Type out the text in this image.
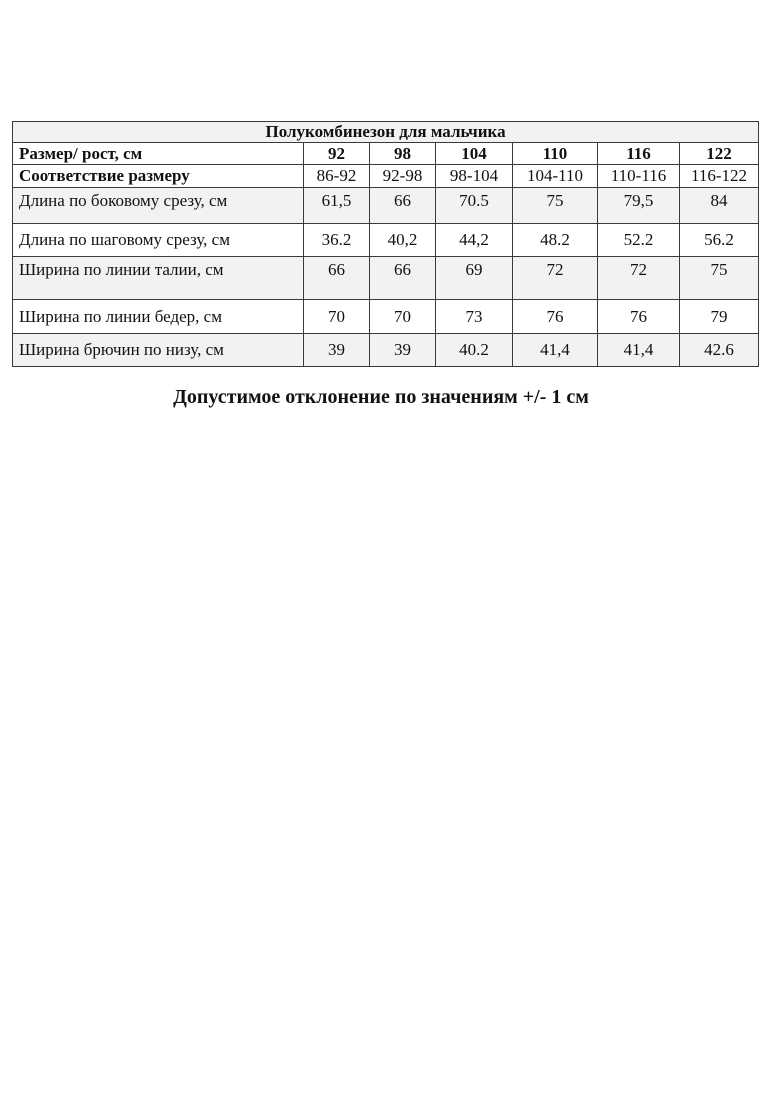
Полукомбинезон для мальчика						
Размер/ рост, см	92	98	104	110	116	122
Соответствие размеру	86-92	92-98	98-104	104-110	110-116	116-122
Длина по боковому срезу, см	61,5	66	70.5	75	79,5	84
Длина по шаговому срезу, см	36.2	40,2	44,2	48.2	52.2	56.2
Ширина по линии талии, см	66	66	69	72	72	75
Ширина по линии бедер, см	70	70	73	76	76	79
Ширина брючин по низу, см	39	39	40.2	41,4	41,4	42.6
Допустимое отклонение по значениям +/- 1 см
